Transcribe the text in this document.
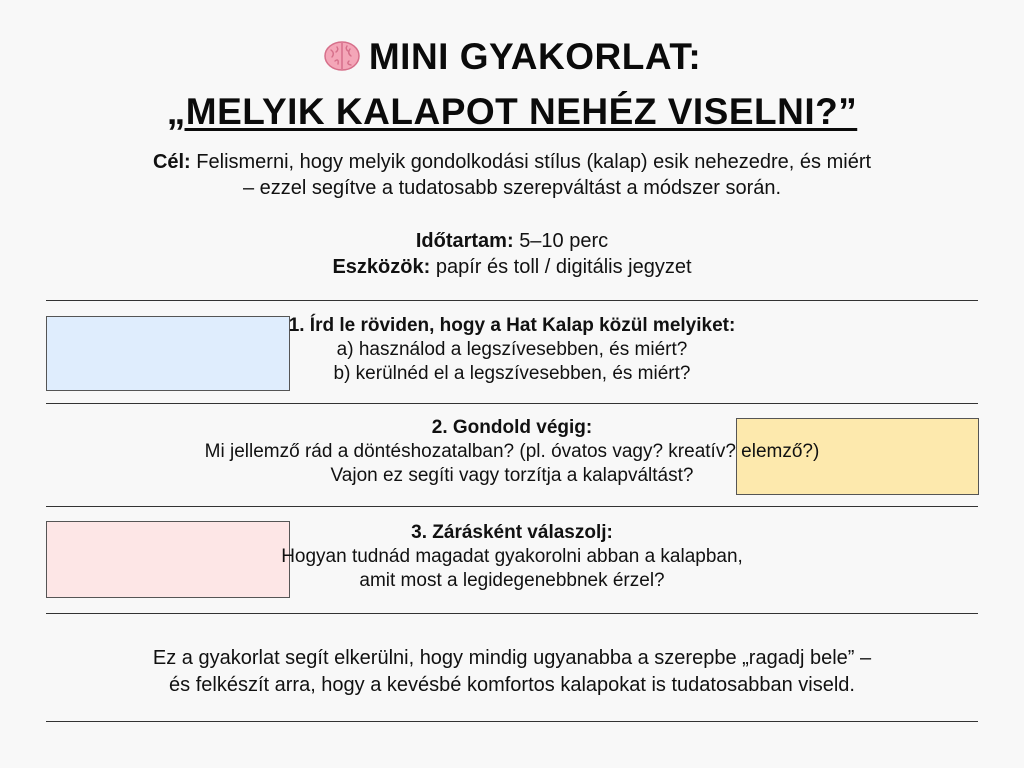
MINI GYAKORLAT:
„MELYIK KALAPOT NEHÉZ VISELNI?”
Cél: Felismerni, hogy melyik gondolkodási stílus (kalap) esik nehezedre, és miért
– ezzel segítve a tudatosabb szerepváltást a módszer során.
Időtartam: 5–10 perc
Eszközök: papír és toll / digitális jegyzet
1. Írd le röviden, hogy a Hat Kalap közül melyiket:
a) használod a legszívesebben, és miért?
b) kerülnéd el a legszívesebben, és miért?
2. Gondold végig:
Mi jellemző rád a döntéshozatalban? (pl. óvatos vagy? kreatív? elemző?)
Vajon ez segíti vagy torzítja a kalapváltást?
3. Zárásként válaszolj:
Hogyan tudnád magadat gyakorolni abban a kalapban,
amit most a legidegenebbnek érzel?
Ez a gyakorlat segít elkerülni, hogy mindig ugyanabba a szerepbe „ragadj bele” –
és felkészít arra, hogy a kevésbé komfortos kalapokat is tudatosabban viseld.
